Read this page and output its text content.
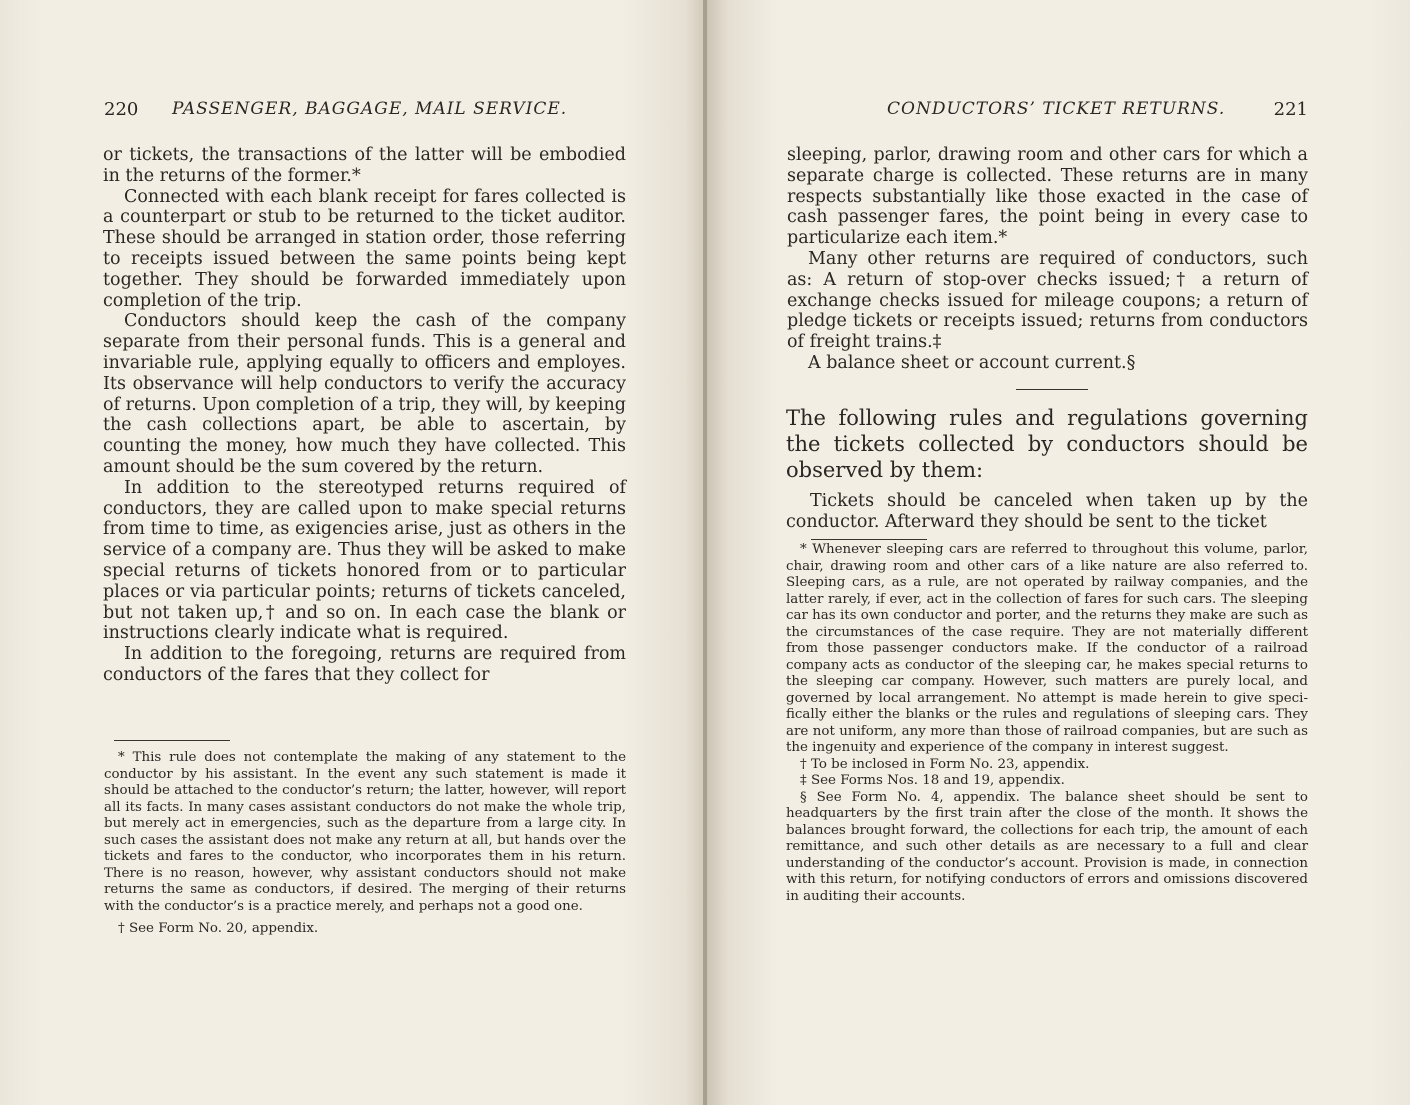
220 PASSENGER, BAGGAGE, MAIL SERVICE.

or tickets, the transactions of the latter will be embodied in the returns of the former.*

Connected with each blank receipt for fares collected is a counterpart or stub to be returned to the ticket auditor. These should be arranged in station order, those referring to receipts issued between the same points being kept together. They should be forwarded immediately upon completion of the trip.

Conductors should keep the cash of the company separate from their personal funds. This is a general and invariable rule, applying equally to officers and employes. Its observance will help conductors to verify the accuracy of returns. Upon completion of a trip, they will, by keeping the cash collections apart, be able to ascertain, by counting the money, how much they have collected. This amount should be the sum covered by the return.

In addition to the stereotyped returns required of conductors, they are called upon to make special returns from time to time, as exigencies arise, just as others in the service of a company are. Thus they will be asked to make special returns of tickets honored from or to particular places or via particular points; returns of tickets canceled, but not taken up,† and so on. In each case the blank or instructions clearly indicate what is required.

In addition to the foregoing, returns are required from conductors of the fares that they collect for

* This rule does not contemplate the making of any statement to the conductor by his assistant. In the event any such statement is made it should be attached to the conductor’s return; the latter, however, will report all its facts. In many cases assistant conductors do not make the whole trip, but merely act in emergencies, such as the departure from a large city. In such cases the assistant does not make any return at all, but hands over the tickets and fares to the conductor, who incorporates them in his return. There is no reason, however, why assistant conductors should not make returns the same as conductors, if desired. The merging of their returns with the conductor’s is a practice merely, and perhaps not a good one.

† See Form No. 20, appendix.

CONDUCTORS’ TICKET RETURNS.	221

sleeping, parlor, drawing room and other cars for which a separate charge is collected. These returns are in many respects substantially like those exacted in the case of cash passenger fares, the point being in every case to particularize each item.*

Many other returns are required of conductors, such as: A return of stop-over checks issued;† a return of exchange checks issued for mileage coupons; a return of pledge tickets or receipts issued; returns from conductors of freight trains.‡

A balance sheet or account current.§

The following rules and regulations governing the tickets collected by conductors should be observed by them:

Tickets should be canceled when taken up by the conductor. Afterward they should be sent to the ticket

* Whenever sleeping cars are referred to throughout this volume, parlor, chair, drawing room and other cars of a like nature are also referred to. Sleeping cars, as a rule, are not operated by railway companies, and the latter rarely, if ever, act in the collection of fares for such cars. The sleeping car has its own conductor and porter, and the returns they make are such as the circumstances of the case require. They are not materially different from those passenger conductors make. If the conductor of a railroad company acts as conductor of the sleeping car, he makes special returns to the sleeping car company. However, such matters are purely local, and governed by local arrangement. No attempt is made herein to give specifically either the blanks or the rules and regulations of sleeping cars. They are not uniform, any more than those of railroad companies, but are such as the ingenuity and experience of the company in interest suggest.

† To be inclosed in Form No. 23, appendix.

‡ See Forms Nos. 18 and 19, appendix.

§ See Form No. 4, appendix. The balance sheet should be sent to headquarters by the first train after the close of the month. It shows the balances brought forward, the collections for each trip, the amount of each remittance, and such other details as are necessary to a full and clear understanding of the conductor’s account. Provision is made, in connection with this return, for notifying conductors of errors and omissions discovered in auditing their accounts.
